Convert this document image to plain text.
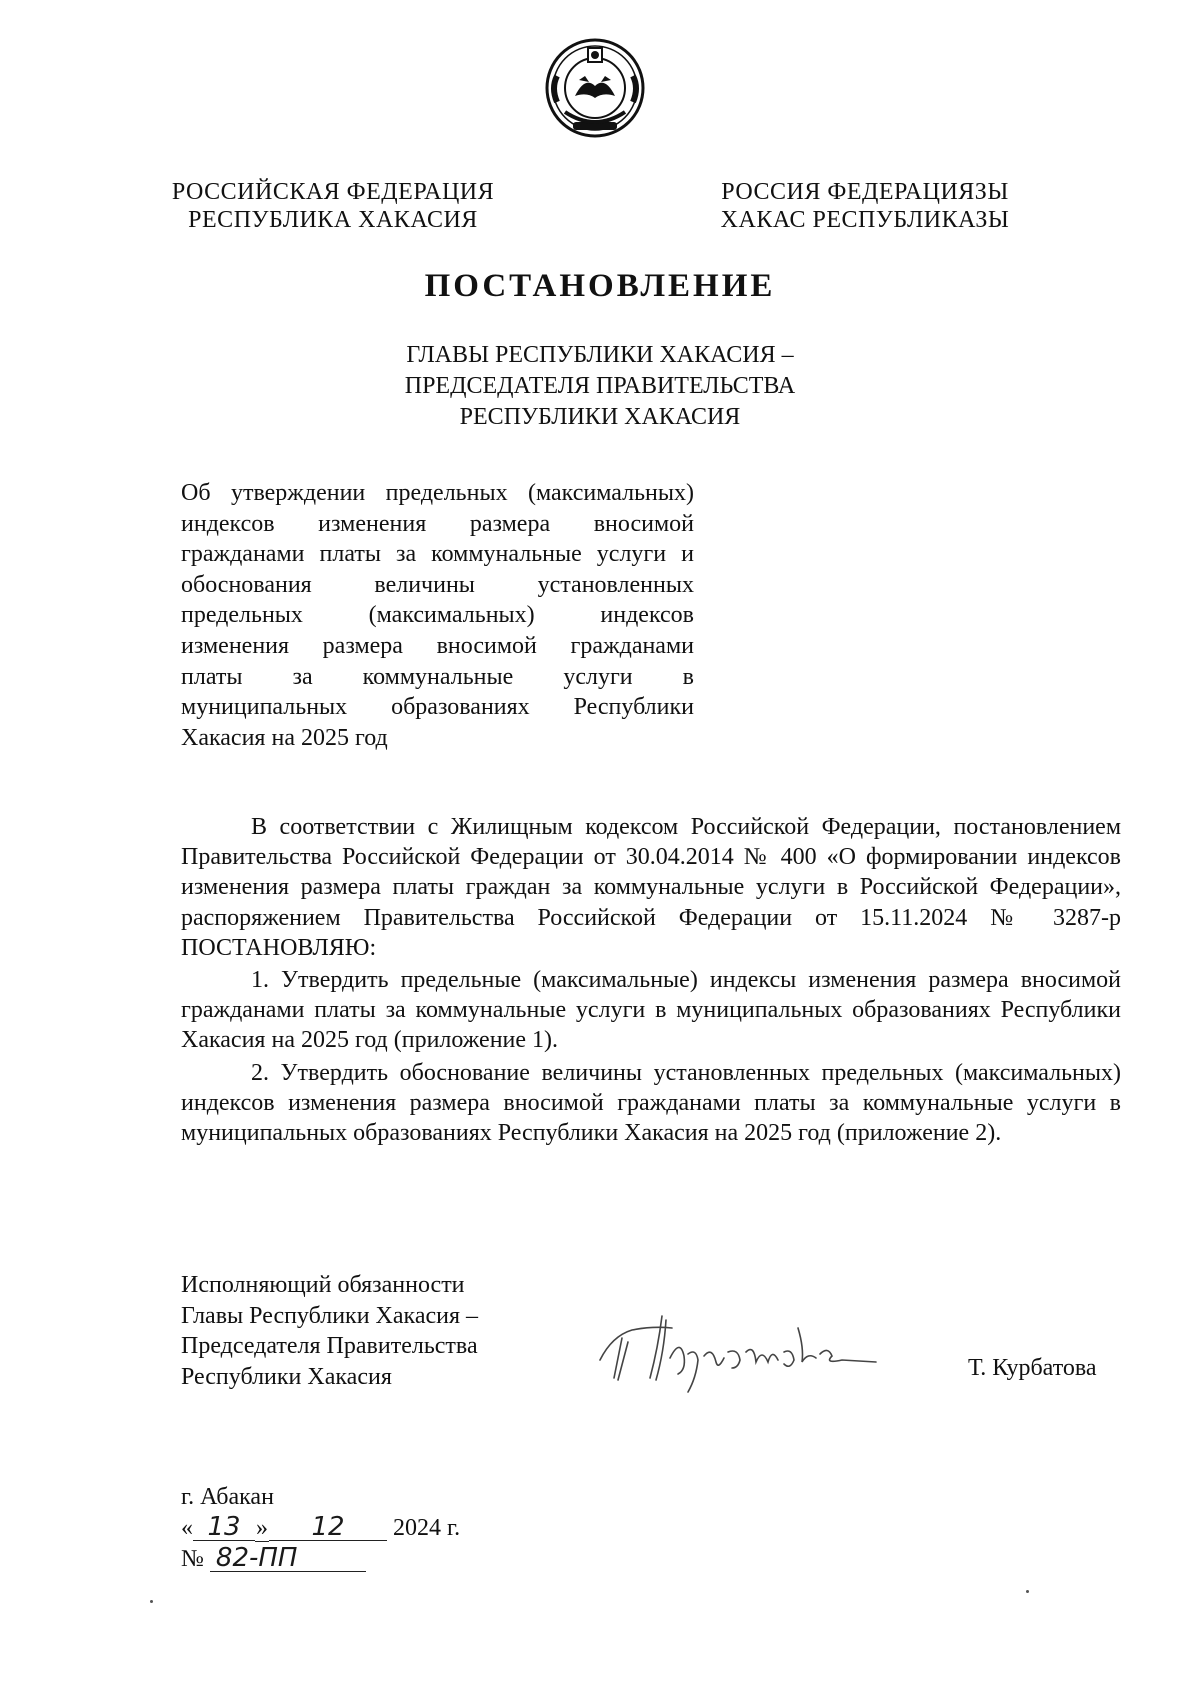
РОССИЙСКАЯ ФЕДЕРАЦИЯ
РЕСПУБЛИКА ХАКАСИЯ
РОССИЯ ФЕДЕРАЦИЯЗЫ
ХАКАС РЕСПУБЛИКАЗЫ
ПОСТАНОВЛЕНИЕ
ГЛАВЫ РЕСПУБЛИКИ ХАКАСИЯ –
ПРЕДСЕДАТЕЛЯ ПРАВИТЕЛЬСТВА
РЕСПУБЛИКИ ХАКАСИЯ
Об утверждении предельных (максимальных)
индексов изменения размера вносимой
гражданами платы за коммунальные услуги и
обоснования величины установленных
предельных (максимальных) индексов
изменения размера вносимой гражданами
платы за коммунальные услуги в
муниципальных образованиях Республики
Хакасия на 2025 год

В соответствии с Жилищным кодексом Российской Федерации, постановлением Правительства Российской Федерации от 30.04.2014 № 400 «О формировании индексов изменения размера платы граждан за коммунальные услуги в Российской Федерации», распоряжением Правительства Российской Федерации от 15.11.2024 № 3287-р ПОСТАНОВЛЯЮ:

1. Утвердить предельные (максимальные) индексы изменения размера вносимой гражданами платы за коммунальные услуги в муниципальных образованиях Республики Хакасия на 2025 год (приложение 1).

2. Утвердить обоснование величины установленных предельных (максимальных) индексов изменения размера вносимой гражданами платы за коммунальные услуги в муниципальных образованиях Республики Хакасия на 2025 год (приложение 2).

Исполняющий обязанности
Главы Республики Хакасия –
Председателя Правительства
Республики Хакасия	Т. Курбатова
г. Абакан
« 13 » 12 2024 г.
№ 82-ПП
